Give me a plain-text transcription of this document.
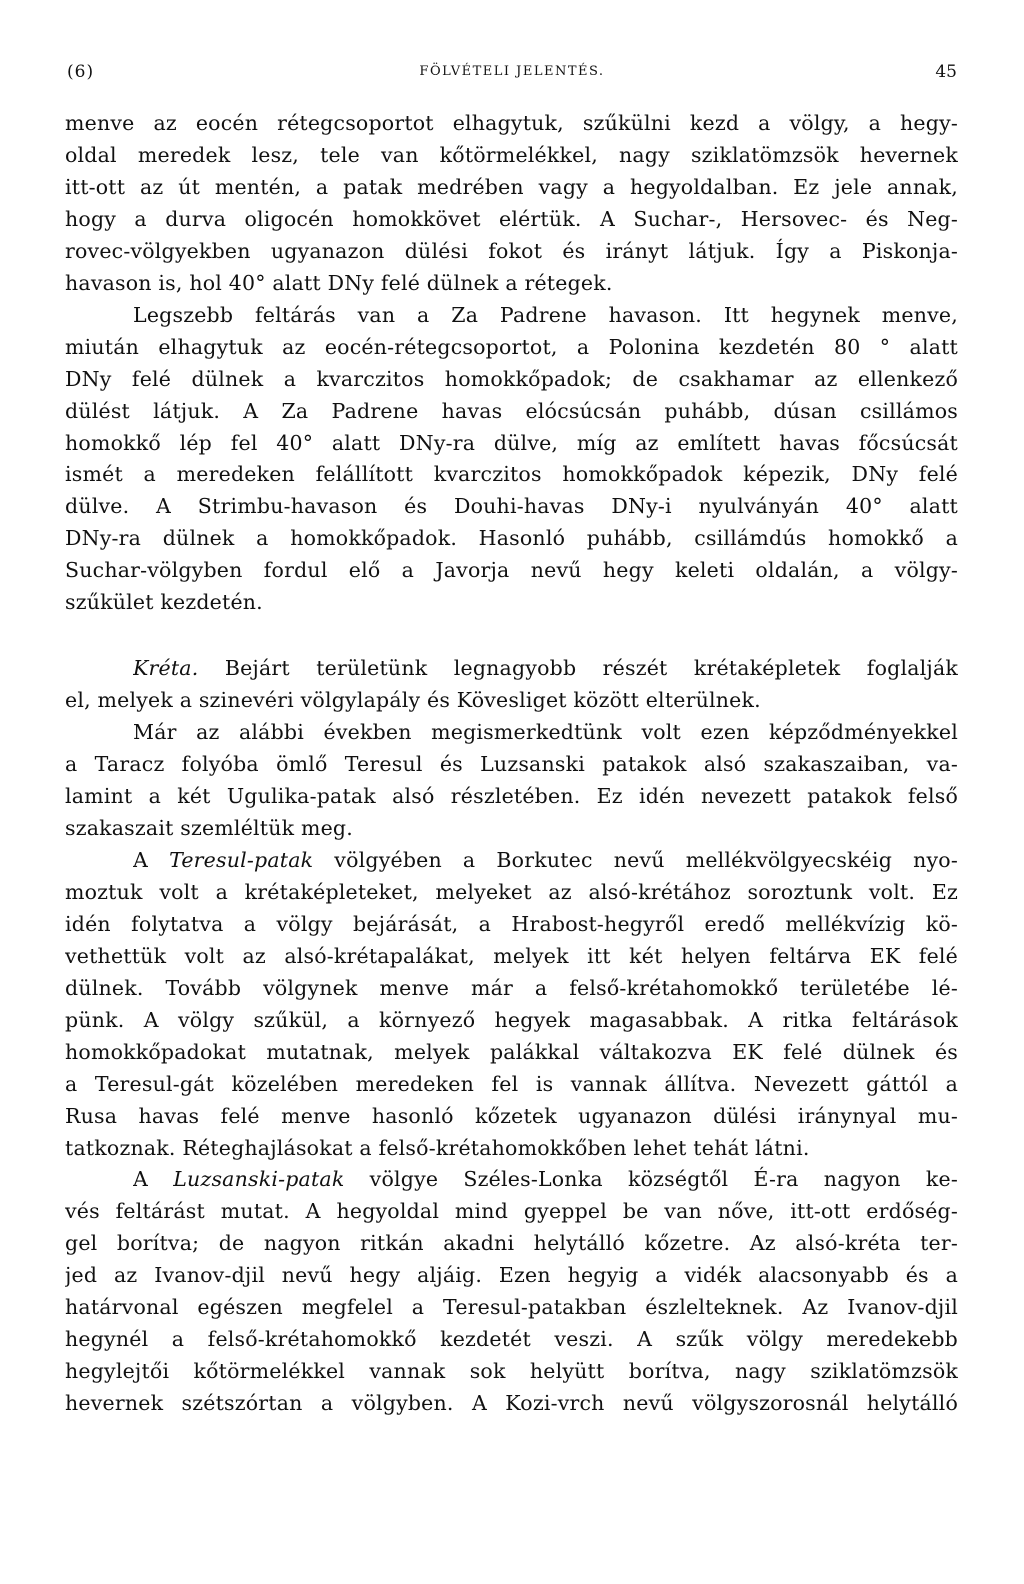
(6)	FÖLVÉTELI JELENTÉS.	45
menve az eocén rétegcsoportot elhagytuk, szűkülni kezd a völgy, a hegy-
oldal meredek lesz, tele van kőtörmelékkel, nagy sziklatömzsök hevernek
itt-ott az út mentén, a patak medrében vagy a hegyoldalban. Ez jele annak,
hogy a durva oligocén homokkövet elértük. A Suchar-, Hersovec- és Neg-
rovec-völgyekben ugyanazon dülési fokot és irányt látjuk. Így a Piskonja-
havason is, hol 40° alatt DNy felé dülnek a rétegek.
Legszebb feltárás van a Za Padrene havason. Itt hegynek menve,
miután elhagytuk az eocén-rétegcsoportot, a Polonina kezdetén 80 ° alatt
DNy felé dülnek a kvarczitos homokkőpadok; de csakhamar az ellenkező
dülést látjuk. A Za Padrene havas elócsúcsán puhább, dúsan csillámos
homokkő lép fel 40° alatt DNy-ra dülve, míg az említett havas főcsúcsát
ismét a meredeken felállított kvarczitos homokkőpadok képezik, DNy felé
dülve. A Strimbu-havason és Douhi-havas DNy-i nyulványán 40° alatt
DNy-ra dülnek a homokkőpadok. Hasonló puhább, csillámdús homokkő a
Suchar-völgyben fordul elő a Javorja nevű hegy keleti oldalán, a völgy-
szűkület kezdetén.
Kréta. Bejárt területünk legnagyobb részét krétaképletek foglalják
el, melyek a szinevéri völgylapály és Kövesliget között elterülnek.
Már az alábbi években megismerkedtünk volt ezen képződményekkel
a Taracz folyóba ömlő Teresul és Luzsanski patakok alsó szakaszaiban, va-
lamint a két Ugulika-patak alsó részletében. Ez idén nevezett patakok felső
szakaszait szemléltük meg.
A Teresul-patak völgyében a Borkutec nevű mellékvölgyecskéig nyo-
moztuk volt a krétaképleteket, melyeket az alsó-krétához soroztunk volt. Ez
idén folytatva a völgy bejárását, a Hrabost-hegyről eredő mellékvízig kö-
vethettük volt az alsó-krétapalákat, melyek itt két helyen feltárva EK felé
dülnek. Tovább völgynek menve már a felső-krétahomokkő területébe lé-
pünk. A völgy szűkül, a környező hegyek magasabbak. A ritka feltárások
homokkőpadokat mutatnak, melyek palákkal váltakozva EK felé dülnek és
a Teresul-gát közelében meredeken fel is vannak állítva. Nevezett gáttól a
Rusa havas felé menve hasonló kőzetek ugyanazon dülési iránynyal mu-
tatkoznak. Réteghajlásokat a felső-krétahomokkőben lehet tehát látni.
A Luzsanski-patak völgye Széles-Lonka községtől É-ra nagyon ke-
vés feltárást mutat. A hegyoldal mind gyeppel be van nőve, itt-ott erdőség-
gel borítva; de nagyon ritkán akadni helytálló kőzetre. Az alsó-kréta ter-
jed az Ivanov-djil nevű hegy aljáig. Ezen hegyig a vidék alacsonyabb és a
határvonal egészen megfelel a Teresul-patakban észlelteknek. Az Ivanov-djil
hegynél a felső-krétahomokkő kezdetét veszi. A szűk völgy meredekebb
hegylejtői kőtörmelékkel vannak sok helyütt borítva, nagy sziklatömzsök
hevernek szétszórtan a völgyben. A Kozi-vrch nevű völgyszorosnál helytálló
